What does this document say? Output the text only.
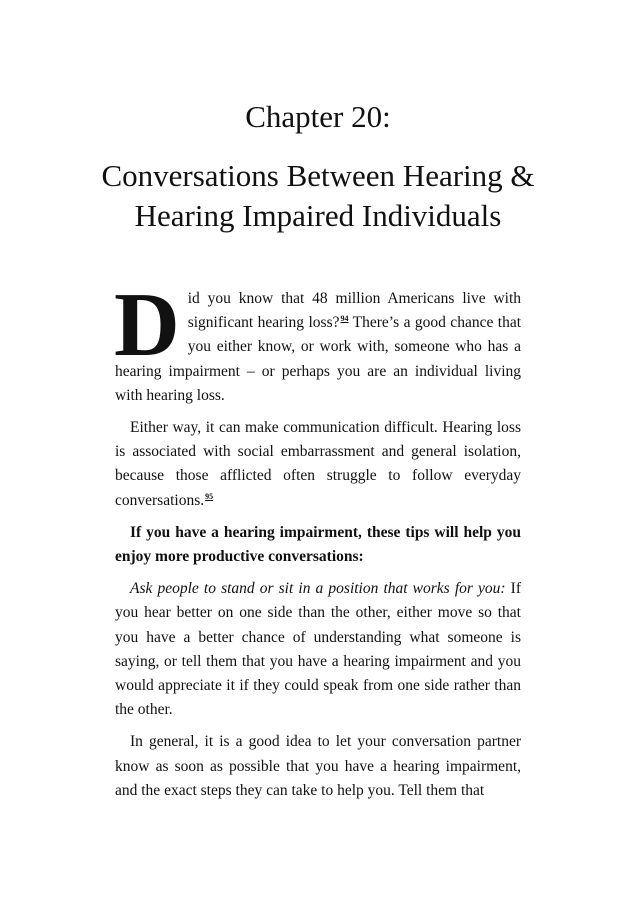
Chapter 20:
Conversations Between Hearing & Hearing Impaired Individuals

Did you know that 48 million Americans live with significant hearing loss?$^{94}$ There’s a good chance that you either know, or work with, someone who has a hearing impairment – or perhaps you are an individual living with hearing loss.

Either way, it can make communication difficult. Hearing loss is associated with social embarrassment and general isolation, because those afflicted often struggle to follow everyday conversations.$^{95}$

If you have a hearing impairment, these tips will help you enjoy more productive conversations:

Ask people to stand or sit in a position that works for you: If you hear better on one side than the other, either move so that you have a better chance of understanding what someone is saying, or tell them that you have a hearing impairment and you would appreciate it if they could speak from one side rather than the other.

In general, it is a good idea to let your conversation partner know as soon as possible that you have a hearing impairment, and the exact steps they can take to help you. Tell them that
